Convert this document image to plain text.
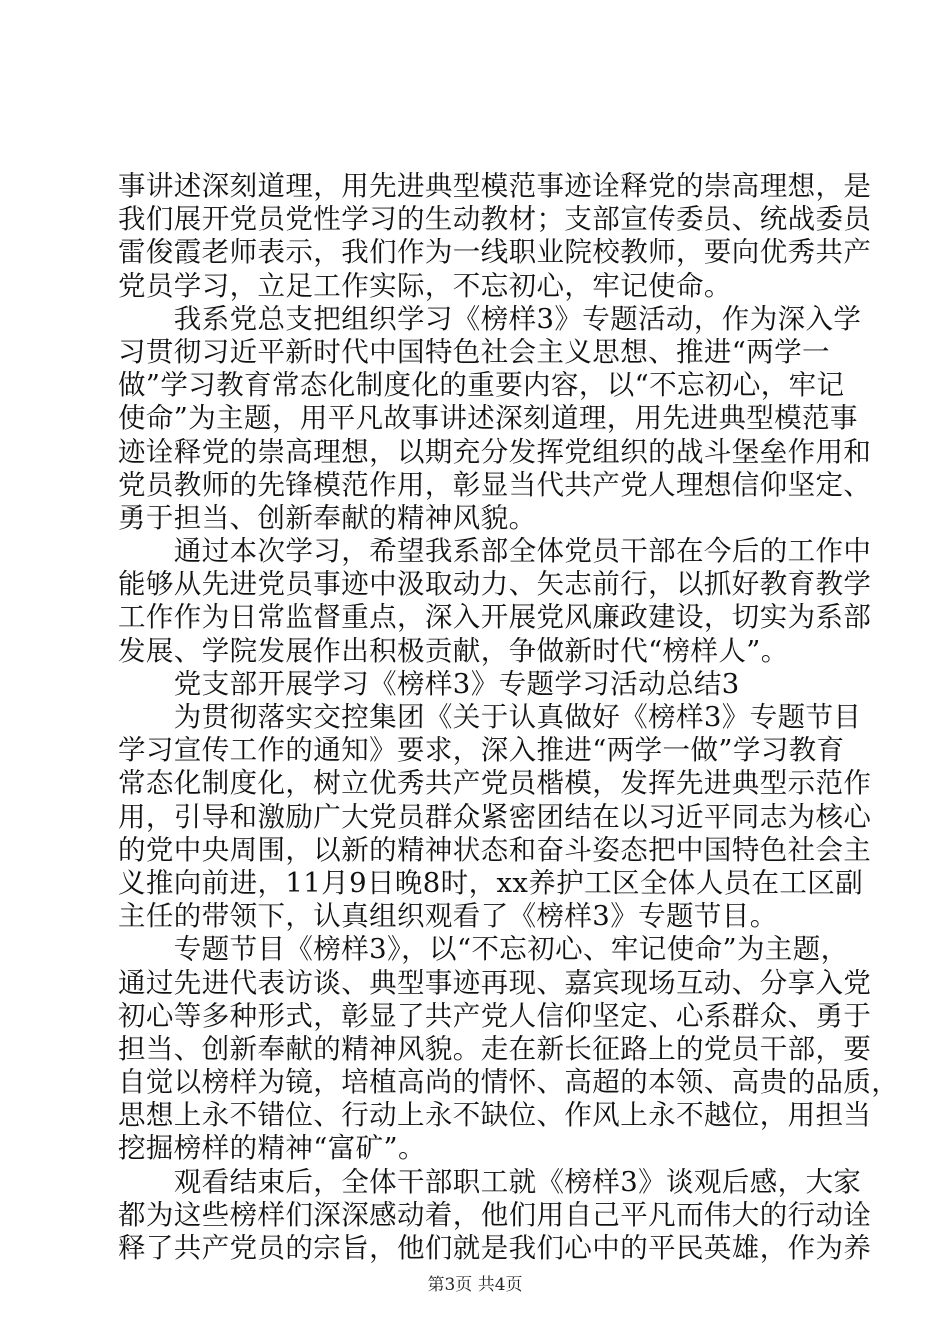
事讲述深刻道理，用先进典型模范事迹诠释党的崇高理想，是
我们展开党员党性学习的生动教材；支部宣传委员、统战委员
雷俊霞老师表示，我们作为一线职业院校教师，要向优秀共产
党员学习，立足工作实际，不忘初心，牢记使命。
　　我系党总支把组织学习《榜样3》专题活动，作为深入学
习贯彻习近平新时代中国特色社会主义思想、推进“两学一
做”学习教育常态化制度化的重要内容，以“不忘初心，牢记
使命”为主题，用平凡故事讲述深刻道理，用先进典型模范事
迹诠释党的崇高理想，以期充分发挥党组织的战斗堡垒作用和
党员教师的先锋模范作用，彰显当代共产党人理想信仰坚定、
勇于担当、创新奉献的精神风貌。
　　通过本次学习，希望我系部全体党员干部在今后的工作中
能够从先进党员事迹中汲取动力、矢志前行，以抓好教育教学
工作作为日常监督重点，深入开展党风廉政建设，切实为系部
发展、学院发展作出积极贡献，争做新时代“榜样人”。
　　党支部开展学习《榜样3》专题学习活动总结3
　　为贯彻落实交控集团《关于认真做好《榜样3》专题节目
学习宣传工作的通知》要求，深入推进“两学一做”学习教育
常态化制度化，树立优秀共产党员楷模，发挥先进典型示范作
用，引导和激励广大党员群众紧密团结在以习近平同志为核心
的党中央周围，以新的精神状态和奋斗姿态把中国特色社会主
义推向前进，11月9日晚8时，xx养护工区全体人员在工区副
主任的带领下，认真组织观看了《榜样3》专题节目。
　　专题节目《榜样3》，以“不忘初心、牢记使命”为主题，
通过先进代表访谈、典型事迹再现、嘉宾现场互动、分享入党
初心等多种形式，彰显了共产党人信仰坚定、心系群众、勇于
担当、创新奉献的精神风貌。走在新长征路上的党员干部，要
自觉以榜样为镜，培植高尚的情怀、高超的本领、高贵的品质，
思想上永不错位、行动上永不缺位、作风上永不越位，用担当
挖掘榜样的精神“富矿”。
　　观看结束后，全体干部职工就《榜样3》谈观后感，大家
都为这些榜样们深深感动着，他们用自己平凡而伟大的行动诠
释了共产党员的宗旨，他们就是我们心中的平民英雄，作为养
第3页 共4页
